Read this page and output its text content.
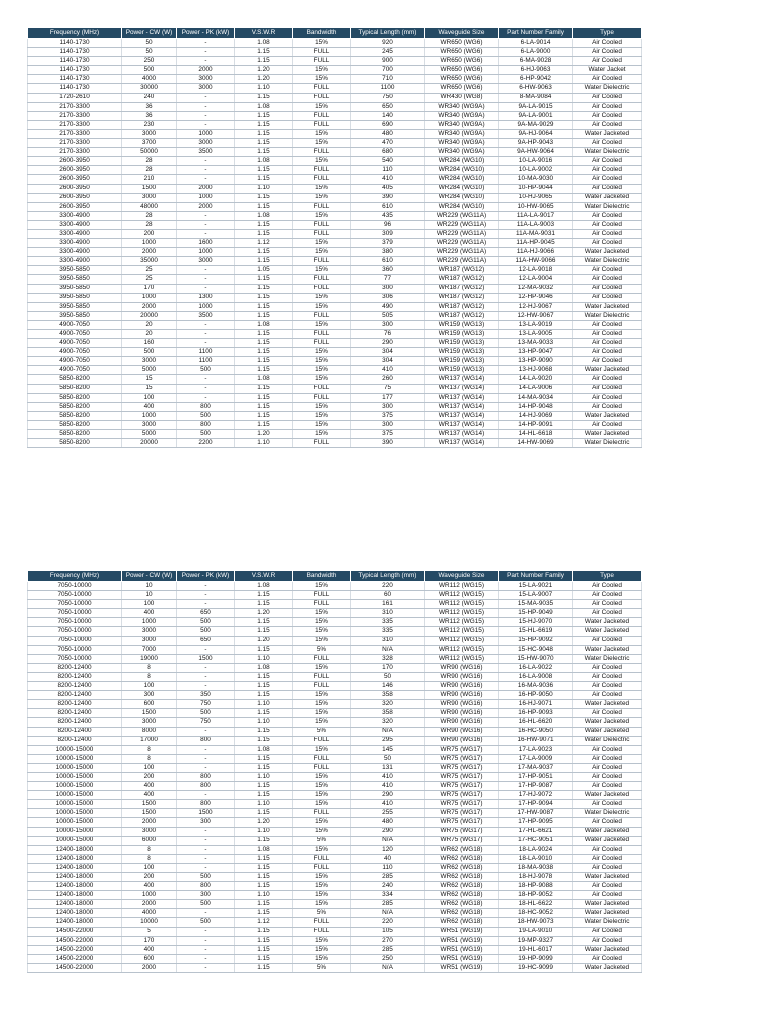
Frequency (MHz)	Power - CW (W)	Power - PK (kW)	V.S.W.R	Bandwidth	Typical Length (mm)	Waveguide Size	Part Number Family	Type
1140-1730	50	-	1.08	15%	920	WR650 (WG6)	6-LA-9014	Air Cooled
1140-1730	50	-	1.15	FULL	245	WR650 (WG6)	6-LA-9000	Air Cooled
1140-1730	250	-	1.15	FULL	900	WR650 (WG6)	6-MA-9028	Air Cooled
1140-1730	500	2000	1.20	15%	700	WR650 (WG6)	6-HJ-9063	Water Jacket
1140-1730	4000	3000	1.20	15%	710	WR650 (WG6)	6-HP-9042	Air Cooled
1140-1730	30000	3000	1.10	FULL	1100	WR650 (WG6)	6-HW-9063	Water Dielectric
1720-2610	240	-	1.15	FULL	750	WR430 (WG8)	8-MA-9084	Air Cooled
2170-3300	36	-	1.08	15%	650	WR340 (WG9A)	9A-LA-9015	Air Cooled
2170-3300	36	-	1.15	FULL	140	WR340 (WG9A)	9A-LA-9001	Air Cooled
2170-3300	230	-	1.15	FULL	690	WR340 (WG9A)	9A-MA-9029	Air Cooled
2170-3300	3000	1000	1.15	15%	480	WR340 (WG9A)	9A-HJ-9064	Water Jacketed
2170-3300	3700	3000	1.15	15%	470	WR340 (WG9A)	9A-HP-9043	Air Cooled
2170-3300	50000	3500	1.15	FULL	680	WR340 (WG9A)	9A-HW-9064	Water Dielectric
2600-3950	28	-	1.08	15%	540	WR284 (WG10)	10-LA-9016	Air Cooled
2600-3950	28	-	1.15	FULL	110	WR284 (WG10)	10-LA-9002	Air Cooled
2600-3950	210	-	1.15	FULL	410	WR284 (WG10)	10-MA-9030	Air Cooled
2600-3950	1500	2000	1.10	15%	405	WR284 (WG10)	10-HP-9044	Air Cooled
2600-3950	3000	1000	1.15	15%	390	WR284 (WG10)	10-HJ-9065	Water Jacketed
2600-3950	48000	2000	1.15	FULL	610	WR284 (WG10)	10-HW-9065	Water Dielectric
3300-4900	28	-	1.08	15%	435	WR229 (WG11A)	11A-LA-9017	Air Cooled
3300-4900	28	-	1.15	FULL	96	WR229 (WG11A)	11A-LA-9003	Air Cooled
3300-4900	200	-	1.15	FULL	309	WR229 (WG11A)	11A-MA-9031	Air Cooled
3300-4900	1000	1600	1.12	15%	379	WR229 (WG11A)	11A-HP-9045	Air Cooled
3300-4900	2000	1000	1.15	15%	380	WR229 (WG11A)	11A-HJ-9066	Water Jacketed
3300-4900	35000	3000	1.15	FULL	610	WR229 (WG11A)	11A-HW-9066	Water Dielectric
3950-5850	25	-	1.05	15%	360	WR187 (WG12)	12-LA-9018	Air Cooled
3950-5850	25	-	1.15	FULL	77	WR187 (WG12)	12-LA-9004	Air Cooled
3950-5850	170	-	1.15	FULL	300	WR187 (WG12)	12-MA-9032	Air Cooled
3950-5850	1000	1300	1.15	15%	306	WR187 (WG12)	12-HP-9046	Air Cooled
3950-5850	2000	1000	1.15	15%	490	WR187 (WG12)	12-HJ-9067	Water Jacketed
3950-5850	20000	3500	1.15	FULL	505	WR187 (WG12)	12-HW-9067	Water Dielectric
4900-7050	20	-	1.08	15%	300	WR159 (WG13)	13-LA-9019	Air Cooled
4900-7050	20	-	1.15	FULL	76	WR159 (WG13)	13-LA-9005	Air Cooled
4900-7050	160	-	1.15	FULL	290	WR159 (WG13)	13-MA-9033	Air Cooled
4900-7050	500	1100	1.15	15%	304	WR159 (WG13)	13-HP-9047	Air Cooled
4900-7050	3000	1100	1.15	15%	304	WR159 (WG13)	13-HP-9090	Air Cooled
4900-7050	5000	500	1.15	15%	410	WR159 (WG13)	13-HJ-9068	Water Jacketed
5850-8200	15	-	1.08	15%	260	WR137 (WG14)	14-LA-9020	Air Cooled
5850-8200	15	-	1.15	FULL	75	WR137 (WG14)	14-LA-9006	Air Cooled
5850-8200	100	-	1.15	FULL	177	WR137 (WG14)	14-MA-9034	Air Cooled
5850-8200	400	800	1.15	15%	300	WR137 (WG14)	14-HP-9048	Air Cooled
5850-8200	1000	500	1.15	15%	375	WR137 (WG14)	14-HJ-9069	Water Jacketed
5850-8200	3000	800	1.15	15%	300	WR137 (WG14)	14-HP-9091	Air Cooled
5850-8200	5000	500	1.20	15%	375	WR137 (WG14)	14-HL-6618	Water Jacketed
5850-8200	20000	2200	1.10	FULL	390	WR137 (WG14)	14-HW-9069	Water Dielectric
Frequency (MHz)	Power - CW (W)	Power - PK (kW)	V.S.W.R	Bandwidth	Typical Length (mm)	Waveguide Size	Part Number Family	Type
7050-10000	10	-	1.08	15%	220	WR112 (WG15)	15-LA-9021	Air Cooled
7050-10000	10	-	1.15	FULL	60	WR112 (WG15)	15-LA-9007	Air Cooled
7050-10000	100	-	1.15	FULL	161	WR112 (WG15)	15-MA-9035	Air Cooled
7050-10000	400	650	1.20	15%	310	WR112 (WG15)	15-HP-9049	Air Cooled
7050-10000	1000	500	1.15	15%	335	WR112 (WG15)	15-HJ-9070	Water Jacketed
7050-10000	3000	500	1.15	15%	335	WR112 (WG15)	15-HL-6619	Water Jacketed
7050-10000	3000	650	1.20	15%	310	WR112 (WG15)	15-HP-9092	Air Cooled
7050-10000	7000	-	1.15	5%	N/A	WR112 (WG15)	15-HC-9048	Water Jacketed
7050-10000	19000	1500	1.10	FULL	328	WR112 (WG15)	15-HW-9070	Water Dielectric
8200-12400	8	-	1.08	15%	170	WR90 (WG16)	16-LA-9022	Air Cooled
8200-12400	8	-	1.15	FULL	50	WR90 (WG16)	16-LA-9008	Air Cooled
8200-12400	100	-	1.15	FULL	146	WR90 (WG16)	16-MA-9036	Air Cooled
8200-12400	300	350	1.15	15%	358	WR90 (WG16)	16-HP-9050	Air Cooled
8200-12400	600	750	1.10	15%	320	WR90 (WG16)	16-HJ-9071	Water Jacketed
8200-12400	1500	500	1.15	15%	358	WR90 (WG16)	16-HP-9093	Air Cooled
8200-12400	3000	750	1.10	15%	320	WR90 (WG16)	16-HL-6620	Water Jacketed
8200-12400	8000	-	1.15	5%	N/A	WR90 (WG16)	16-HC-9050	Water Jacketed
8200-12400	17000	800	1.15	FULL	295	WR90 (WG16)	16-HW-9071	Water Dielectric
10000-15000	8	-	1.08	15%	145	WR75 (WG17)	17-LA-9023	Air Cooled
10000-15000	8	-	1.15	FULL	50	WR75 (WG17)	17-LA-9009	Air Cooled
10000-15000	100	-	1.15	FULL	131	WR75 (WG17)	17-MA-9037	Air Cooled
10000-15000	200	800	1.10	15%	410	WR75 (WG17)	17-HP-9051	Air Cooled
10000-15000	400	800	1.15	15%	410	WR75 (WG17)	17-HP-9087	Air Cooled
10000-15000	400	-	1.15	15%	290	WR75 (WG17)	17-HJ-9072	Water Jacketed
10000-15000	1500	800	1.10	15%	410	WR75 (WG17)	17-HP-9094	Air Cooled
10000-15000	1500	1500	1.15	FULL	255	WR75 (WG17)	17-HW-9087	Water Dielectric
10000-15000	2000	300	1.20	15%	480	WR75 (WG17)	17-HP-9095	Air Cooled
10000-15000	3000	-	1.10	15%	290	WR75 (WG17)	17-HL-6621	Water Jacketed
10000-15000	6000	-	1.15	5%	N/A	WR75 (WG17)	17-HC-9051	Water Jacketed
12400-18000	8	-	1.08	15%	120	WR62 (WG18)	18-LA-9024	Air Cooled
12400-18000	8	-	1.15	FULL	40	WR62 (WG18)	18-LA-9010	Air Cooled
12400-18000	100	-	1.15	FULL	110	WR62 (WG18)	18-MA-9038	Air Cooled
12400-18000	200	500	1.15	15%	285	WR62 (WG18)	18-HJ-9078	Water Jacketed
12400-18000	400	800	1.15	15%	240	WR62 (WG18)	18-HP-9088	Air Cooled
12400-18000	1000	300	1.10	15%	334	WR62 (WG18)	18-HP-9052	Air Cooled
12400-18000	2000	500	1.15	15%	285	WR62 (WG18)	18-HL-6622	Water Jacketed
12400-18000	4000	-	1.15	5%	N/A	WR62 (WG18)	18-HC-9052	Water Jacketed
12400-18000	10000	500	1.12	FULL	220	WR62 (WG18)	18-HW-9073	Water Dielectric
14500-22000	5	-	1.15	FULL	105	WR51 (WG19)	19-LA-9010	Air Cooled
14500-22000	170	-	1.15	15%	270	WR51 (WG19)	19-MP-9327	Air Cooled
14500-22000	400	-	1.15	15%	285	WR51 (WG19)	19-HL-6017	Water Jacketed
14500-22000	600	-	1.15	15%	250	WR51 (WG19)	19-HP-9099	Air Cooled
14500-22000	2000	-	1.15	5%	N/A	WR51 (WG19)	19-HC-9099	Water Jacketed
